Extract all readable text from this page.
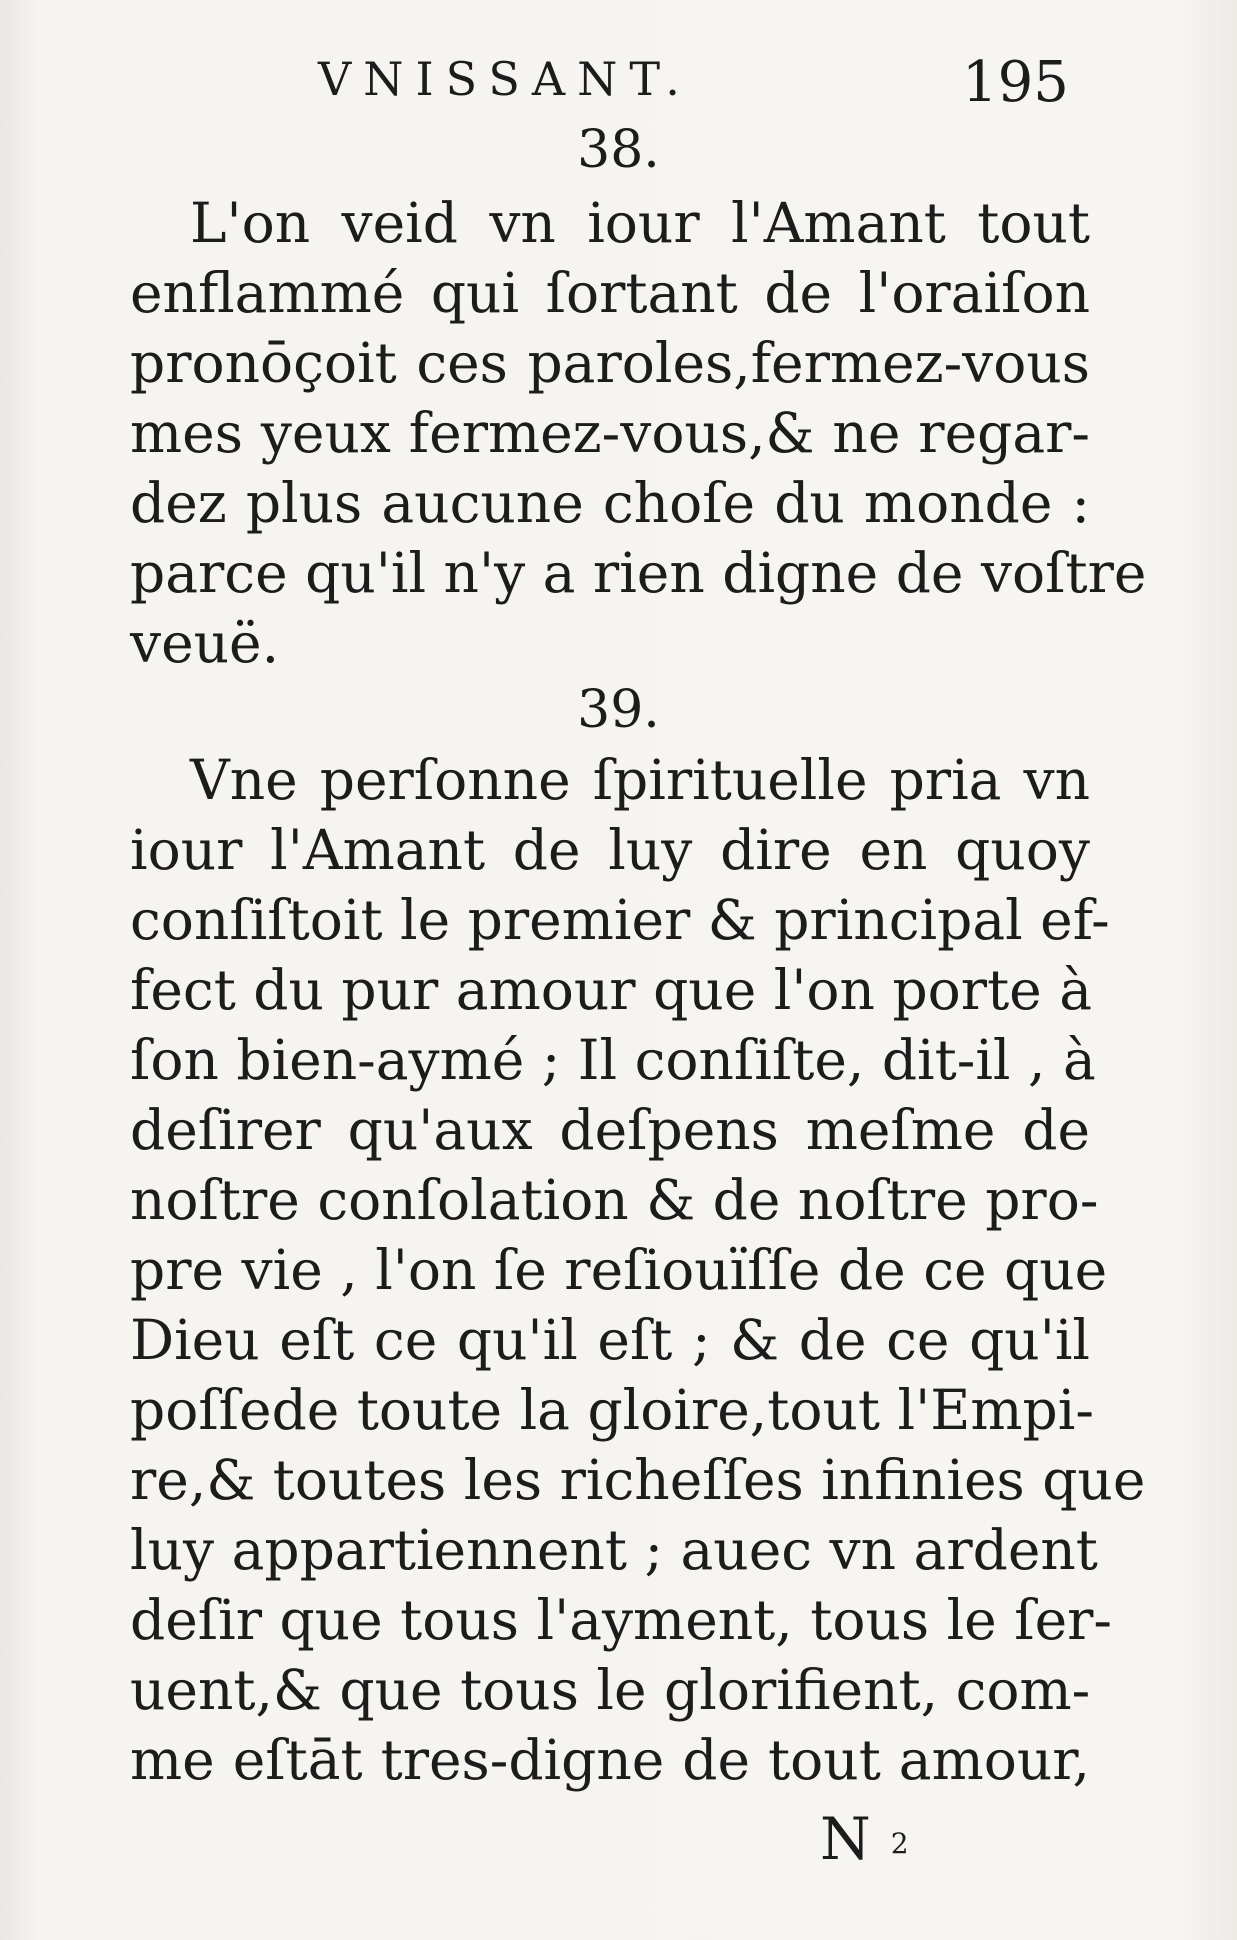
VNISSANT.	195
38.
L'on veid vn iour l'Amant tout
enflammé qui ſortant de l'oraiſon
pronōçoit ces paroles,fermez-vous
mes yeux fermez-vous,& ne regar-
dez plus aucune choſe du monde :
parce qu'il n'y a rien digne de voſtre
veuë.
39.
Vne perſonne ſpirituelle pria vn
iour l'Amant de luy dire en quoy
conſiſtoit le premier & principal ef-
fect du pur amour que l'on porte à
ſon bien-aymé ; Il conſiſte, dit-il , à
deſirer qu'aux deſpens meſme de
noſtre conſolation & de noſtre pro-
pre vie , l'on ſe reſiouïſſe de ce que
Dieu eſt ce qu'il eſt ; & de ce qu'il
poſſede toute la gloire,tout l'Empi-
re,& toutes les richeſſes infinies que
luy appartiennent ; auec vn ardent
deſir que tous l'ayment, tous le ſer-
uent,& que tous le glorifient, com-
me eſtāt tres-digne de tout amour,
N 2
